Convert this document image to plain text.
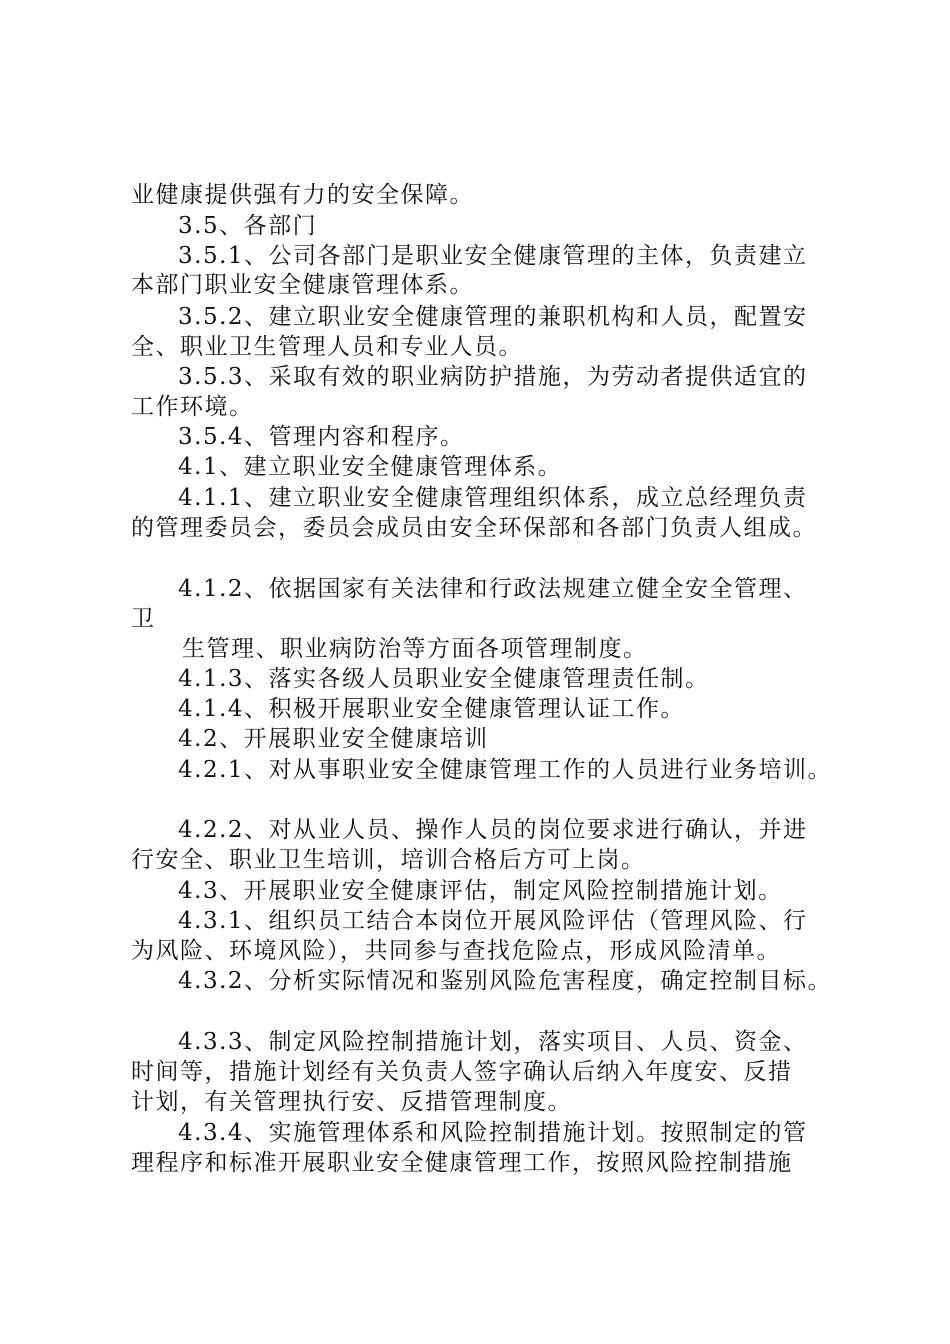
业健康提供强有力的安全保障。

3.5、各部门

3.5.1、公司各部门是职业安全健康管理的主体，负责建立

本部门职业安全健康管理体系。

3.5.2、建立职业安全健康管理的兼职机构和人员，配置安

全、职业卫生管理人员和专业人员。

3.5.3、采取有效的职业病防护措施，为劳动者提供适宜的

工作环境。

3.5.4、管理内容和程序。

4.1、建立职业安全健康管理体系。

4.1.1、建立职业安全健康管理组织体系，成立总经理负责

的管理委员会，委员会成员由安全环保部和各部门负责人组成。

4.1.2、依据国家有关法律和行政法规建立健全安全管理、

卫

生管理、职业病防治等方面各项管理制度。

4.1.3、落实各级人员职业安全健康管理责任制。

4.1.4、积极开展职业安全健康管理认证工作。

4.2、开展职业安全健康培训

4.2.1、对从事职业安全健康管理工作的人员进行业务培训。

4.2.2、对从业人员、操作人员的岗位要求进行确认，并进

行安全、职业卫生培训，培训合格后方可上岗。

4.3、开展职业安全健康评估，制定风险控制措施计划。

4.3.1、组织员工结合本岗位开展风险评估（管理风险、行

为风险、环境风险），共同参与查找危险点，形成风险清单。

4.3.2、分析实际情况和鉴别风险危害程度，确定控制目标。

4.3.3、制定风险控制措施计划，落实项目、人员、资金、

时间等，措施计划经有关负责人签字确认后纳入年度安、反措

计划，有关管理执行安、反措管理制度。

4.3.4、实施管理体系和风险控制措施计划。按照制定的管

理程序和标准开展职业安全健康管理工作，按照风险控制措施
